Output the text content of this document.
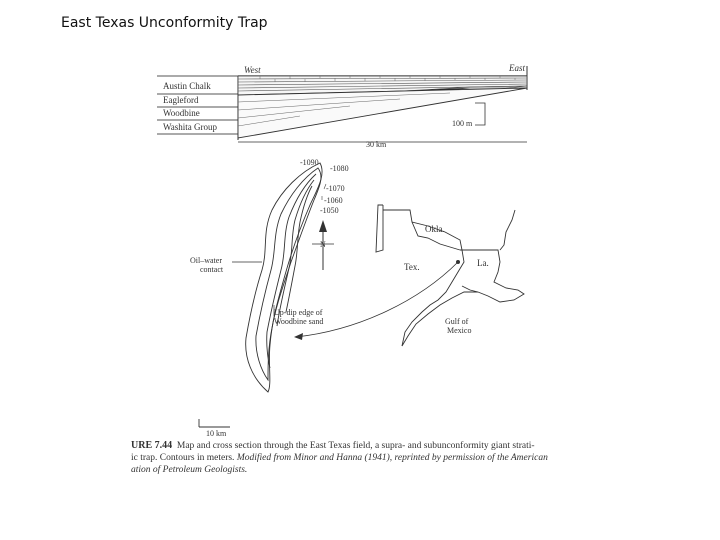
East Texas Unconformity Trap
Austin Chalk
Eagleford
Woodbine
Washita Group
West	East
100 m
30 km
-1090
-1080
-1070
-1060
-1050
N
Oil–water
contact
Up-dip edge of
Woodbine sand
10 km
Okla.
Tex.	La.
Gulf of
Mexico
URE 7.44 Map and cross section through the East Texas field, a supra- and subunconformity giant strati-
ic trap. Contours in meters. Modified from Minor and Hanna (1941), reprinted by permission of the American
ation of Petroleum Geologists.
